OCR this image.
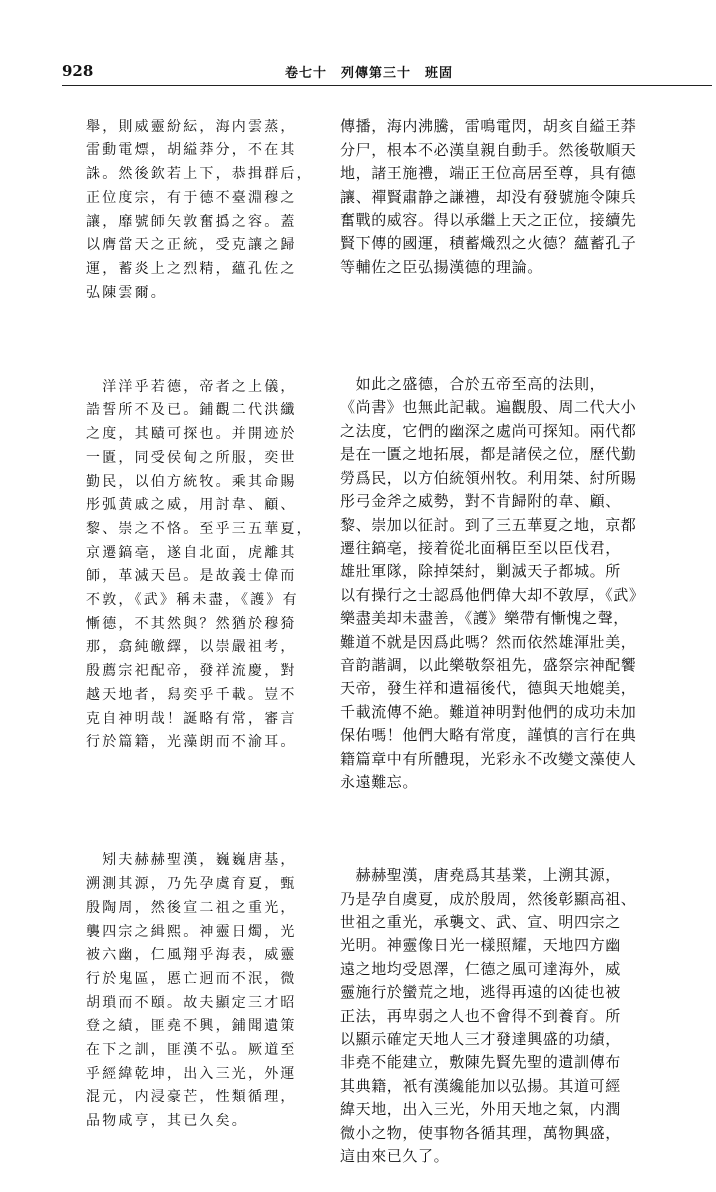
928	卷七十　列傳第三十　班固

舉，則威靈紛紜，海内雲蒸，
雷動電熛，胡縊莽分，不在其
誅。然後欽若上下，恭揖群后，
正位度宗，有于德不臺淵穆之
讓，靡號師矢敦奮撝之容。蓋
以膺當天之正統，受克讓之歸
運，蓄炎上之烈精，蘊孔佐之
弘陳雲爾。

　洋洋乎若德，帝者之上儀，
誥誓所不及已。鋪觀二代洪纖
之度，其賾可探也。并開迹於
一匱，同受侯甸之所服，奕世
勤民，以伯方統牧。乘其命賜
彤弧黄戚之威，用討韋、顧、
黎、崇之不恪。至乎三五華夏，
京遷鎬亳，遂自北面，虎離其
師，革滅天邑。是故義士偉而
不敦，《武》稱未盡，《護》有
慚德，不其然與？然猶於穆猗
那，翕純皦繹，以崇嚴祖考，
殷薦宗祀配帝，發祥流慶，對
越天地者，舄奕乎千載。豈不
克自神明哉！誕略有常，審言
行於篇籍，光藻朗而不渝耳。

　矧夫赫赫聖漢，巍巍唐基，
溯測其源，乃先孕虞育夏，甄
殷陶周，然後宣二祖之重光，
襲四宗之緝熙。神靈日燭，光
被六幽，仁風翔乎海表，威靈
行於鬼區，慝亡迥而不泯，微
胡瑣而不頤。故夫顯定三才昭
登之績，匪堯不興，鋪聞遺策
在下之訓，匪漢不弘。厥道至
乎經緯乾坤，出入三光，外運
混元，内浸豪芒，性類循理，
品物咸亨，其已久矣。

傳播，海内沸騰，雷鳴電閃，胡亥自縊王莽
分尸，根本不必漢皇親自動手。然後敬順天
地，諸王施禮，端正王位高居至尊，具有德
讓、禪賢肅静之謙禮，却没有發號施令陳兵
奮戰的威容。得以承繼上天之正位，接續先
賢下傳的國運，積蓄熾烈之火德？蘊蓄孔子
等輔佐之臣弘揚漢德的理論。

　如此之盛德，合於五帝至高的法則，
《尚書》也無此記載。遍觀殷、周二代大小
之法度，它們的幽深之處尚可探知。兩代都
是在一匱之地拓展，都是諸侯之位，歷代勤
勞爲民，以方伯統領州牧。利用桀、紂所賜
彤弓金斧之威勢，對不肯歸附的韋、顧、
黎、崇加以征討。到了三五華夏之地，京都
遷往鎬亳，接着從北面稱臣至以臣伐君，
雄壯軍隊，除掉桀紂，剿滅天子都城。所
以有操行之士認爲他們偉大却不敦厚，《武》
樂盡美却未盡善，《護》樂帶有慚愧之聲，
難道不就是因爲此嗎？然而依然雄渾壯美，
音韵諧調，以此樂敬祭祖先，盛祭宗神配饗
天帝，發生祥和遺福後代，德與天地媲美，
千載流傳不絶。難道神明對他們的成功未加
保佑嗎！他們大略有常度，謹慎的言行在典
籍篇章中有所體現，光彩永不改變文藻使人
永遠難忘。

　赫赫聖漢，唐堯爲其基業，上溯其源，
乃是孕自虞夏，成於殷周，然後彰顯高祖、
世祖之重光，承襲文、武、宣、明四宗之
光明。神靈像日光一樣照耀，天地四方幽
遠之地均受恩澤，仁德之風可達海外，威
靈施行於蠻荒之地，逃得再遠的凶徒也被
正法，再卑弱之人也不會得不到養育。所
以顯示確定天地人三才發達興盛的功績，
非堯不能建立，敷陳先賢先聖的遺訓傳布
其典籍，衹有漢纔能加以弘揚。其道可經
緯天地，出入三光，外用天地之氣，内潤
微小之物，使事物各循其理，萬物興盛，
這由來已久了。
